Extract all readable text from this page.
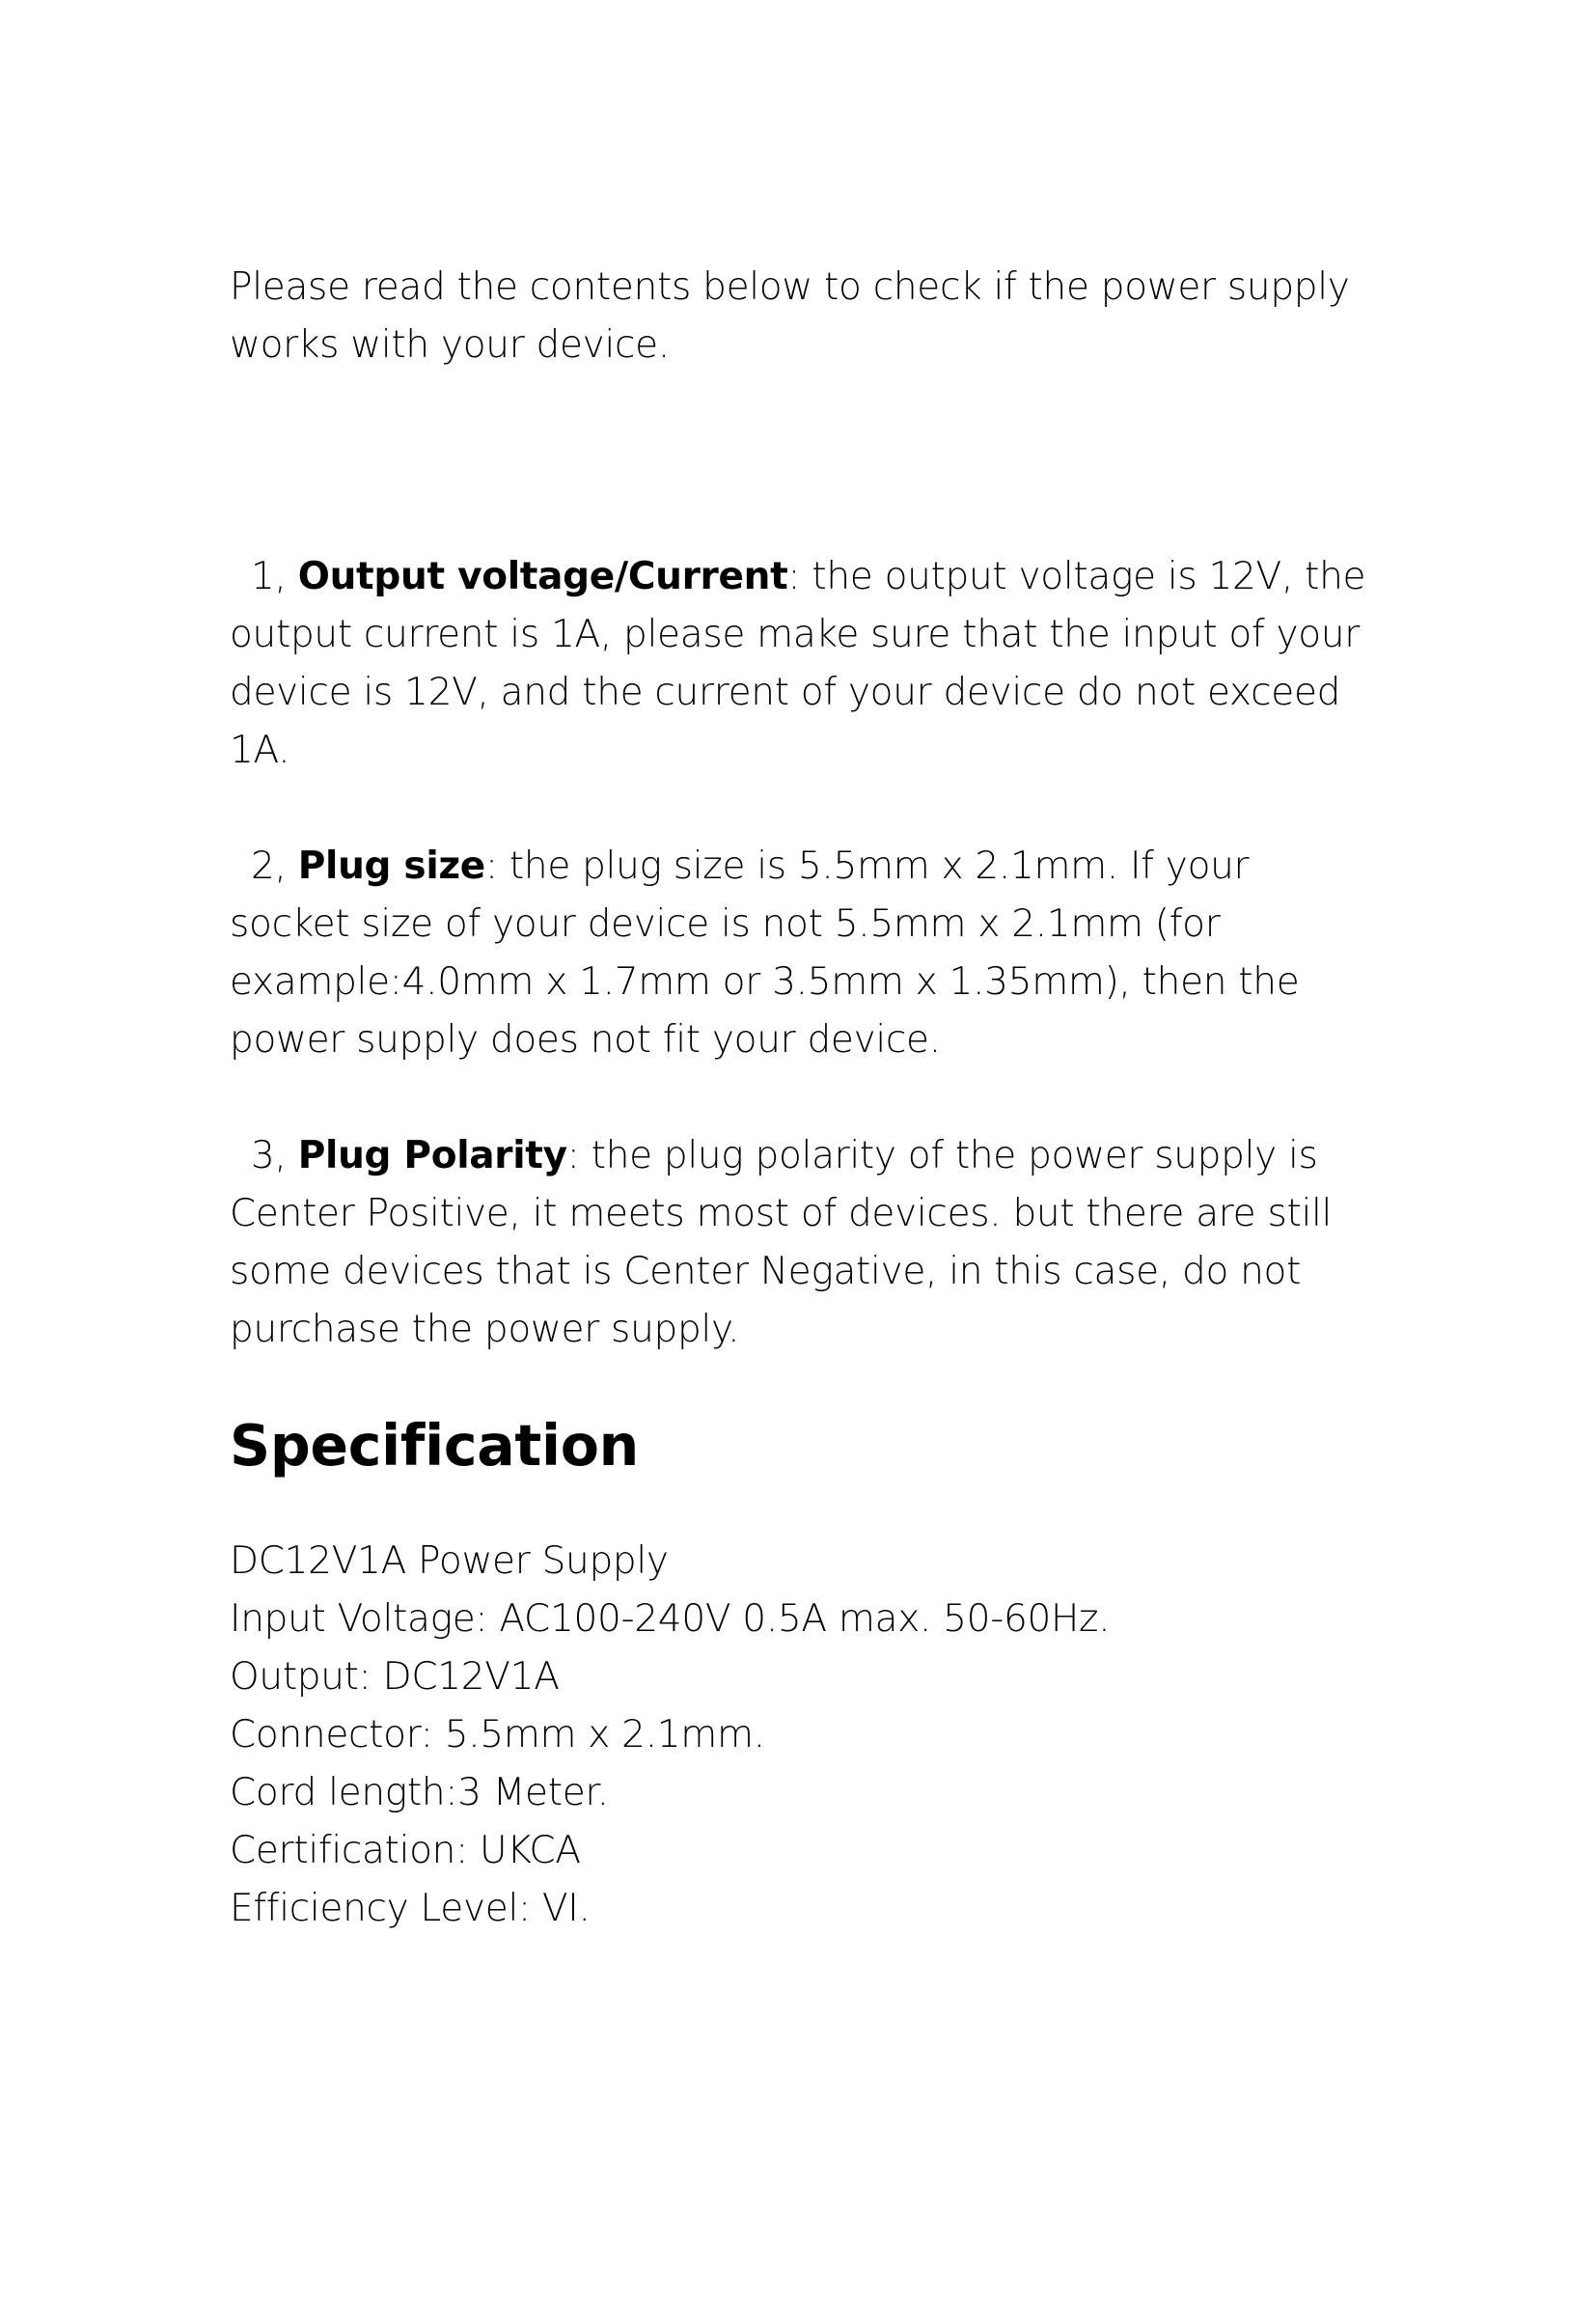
Please read the contents below to check if the power supply works with your device.

1, Output voltage/Current: the output voltage is 12V, the output current is 1A, please make sure that the input of your device is 12V, and the current of your device do not exceed 1A.

2, Plug size: the plug size is 5.5mm x 2.1mm. If your socket size of your device is not 5.5mm x 2.1mm (for example:4.0mm x 1.7mm or 3.5mm x 1.35mm), then the power supply does not fit your device.

3, Plug Polarity: the plug polarity of the power supply is Center Positive, it meets most of devices. but there are still some devices that is Center Negative, in this case, do not purchase the power supply.

Specification
DC12V1A Power Supply
Input Voltage: AC100-240V 0.5A max. 50-60Hz.
Output: DC12V1A
Connector: 5.5mm x 2.1mm.
Cord length:3 Meter.
Certification: UKCA
Efficiency Level: VI.
